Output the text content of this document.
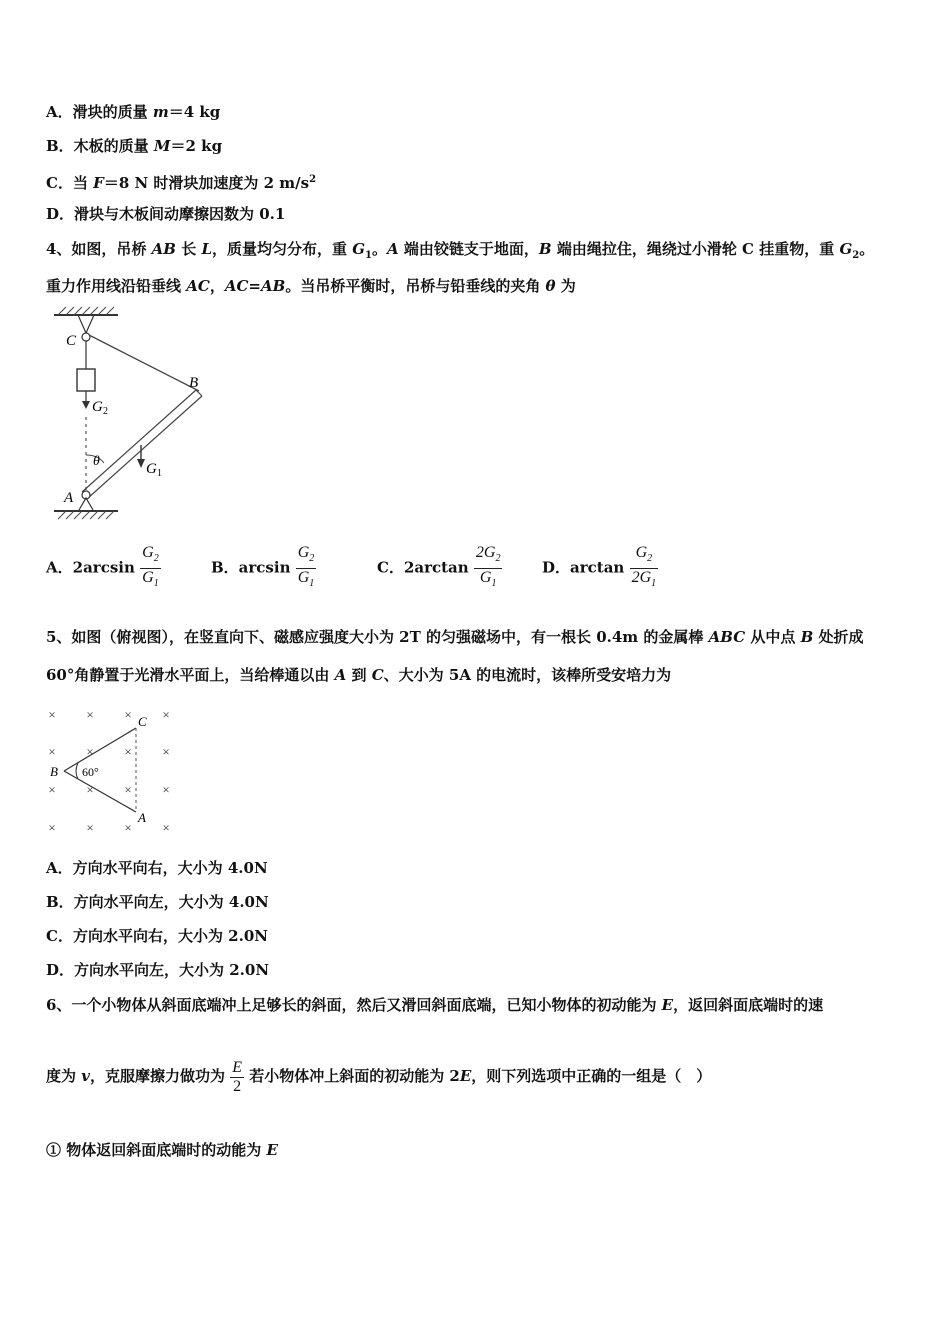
A．滑块的质量 m＝4 kg
B．木板的质量 M＝2 kg
C．当 F＝8 N 时滑块加速度为 2 $m/s^2$
D．滑块与木板间动摩擦因数为 0.1
4、如图，吊桥 AB 长 L，质量均匀分布，重 $G_1$。A 端由铰链支于地面，B 端由绳拉住，绳绕过小滑轮 C 挂重物，重 $G_2$。
重力作用线沿铅垂线 AC，AC=AB。当吊桥平衡时，吊桥与铅垂线的夹角 θ 为
C
B
A
G 2
G 1
θ
A．$2\arcsin \frac{G_2}{G_1}$	B．$\arcsin \frac{G_2}{G_1}$	C．$2\arctan \frac{2G_2}{G_1}$	D．$\arctan \frac{G_2}{2G_1}$
5、如图（俯视图），在竖直向下、磁感应强度大小为 2T 的匀强磁场中，有一根长 0.4m 的金属棒 ABC 从中点 B 处折成
60°角静置于光滑水平面上，当给棒通以由 A 到 C、大小为 5A 的电流时，该棒所受安培力为
× × × ×
× × × ×
× × × ×
× × × ×
C
B
A
60°
A．方向水平向右，大小为 4.0N
B．方向水平向左，大小为 4.0N
C．方向水平向右，大小为 2.0N
D．方向水平向左，大小为 2.0N
6、一个小物体从斜面底端冲上足够长的斜面，然后又滑回斜面底端，已知小物体的初动能为 E，返回斜面底端时的速
度为 v，克服摩擦力做功为 $\frac{E}{2}$ 若小物体冲上斜面的初动能为 2E，则下列选项中正确的一组是（　）
① 物体返回斜面底端时的动能为 E
